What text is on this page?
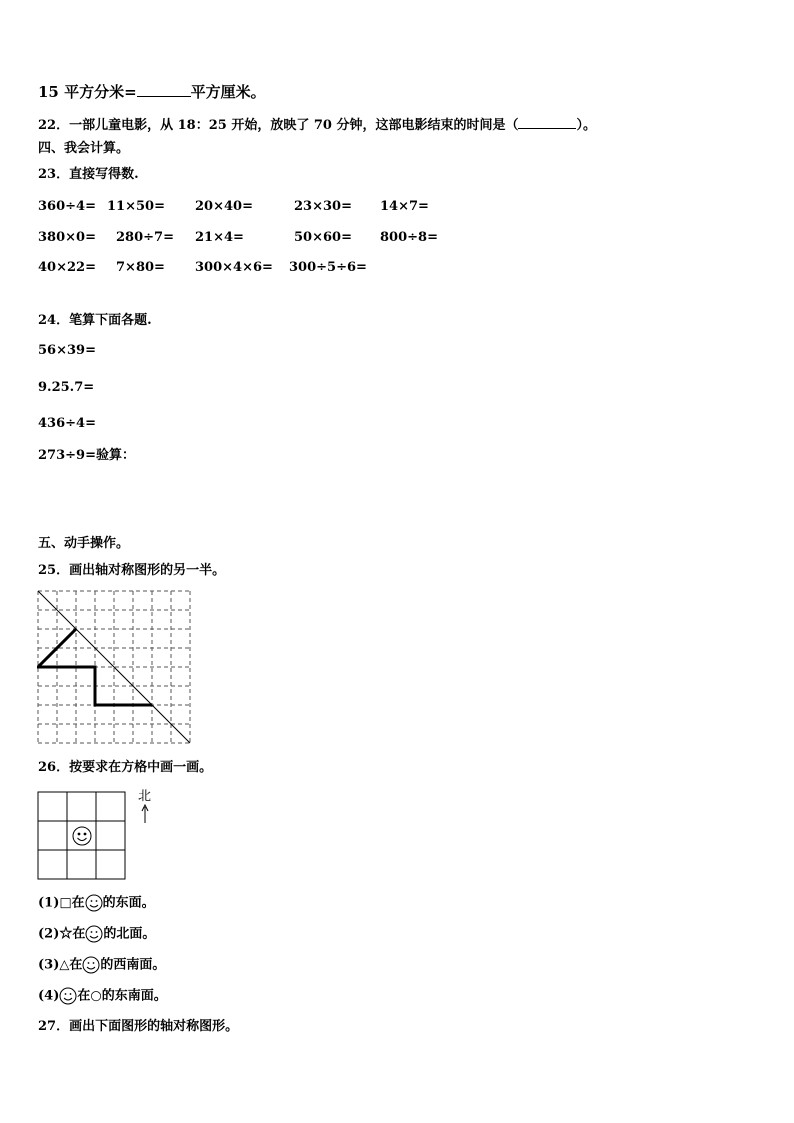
15 平方分米=	平方厘米。
22．一部儿童电影，从 18：25 开始，放映了 70 分钟，这部电影结束的时间是（	）。
四、我会计算。
23．直接写得数.
360÷4= 11×50= 20×40=	23×30= 14×7=
380×0= 280÷7= 21×4=	50×60= 800÷8=
40×22= 7×80= 300×4×6= 300÷5÷6=
24．笔算下面各题.
56×39=
9.25.7=
436÷4=
273÷9=验算：
五、动手操作。
25．画出轴对称图形的另一半。
26．按要求在方格中画一画。
北
(1)□在 的东面。
(2)☆在 的北面。
(3)△在 的西南面。
(4) 在○的东南面。
27．画出下面图形的轴对称图形。
